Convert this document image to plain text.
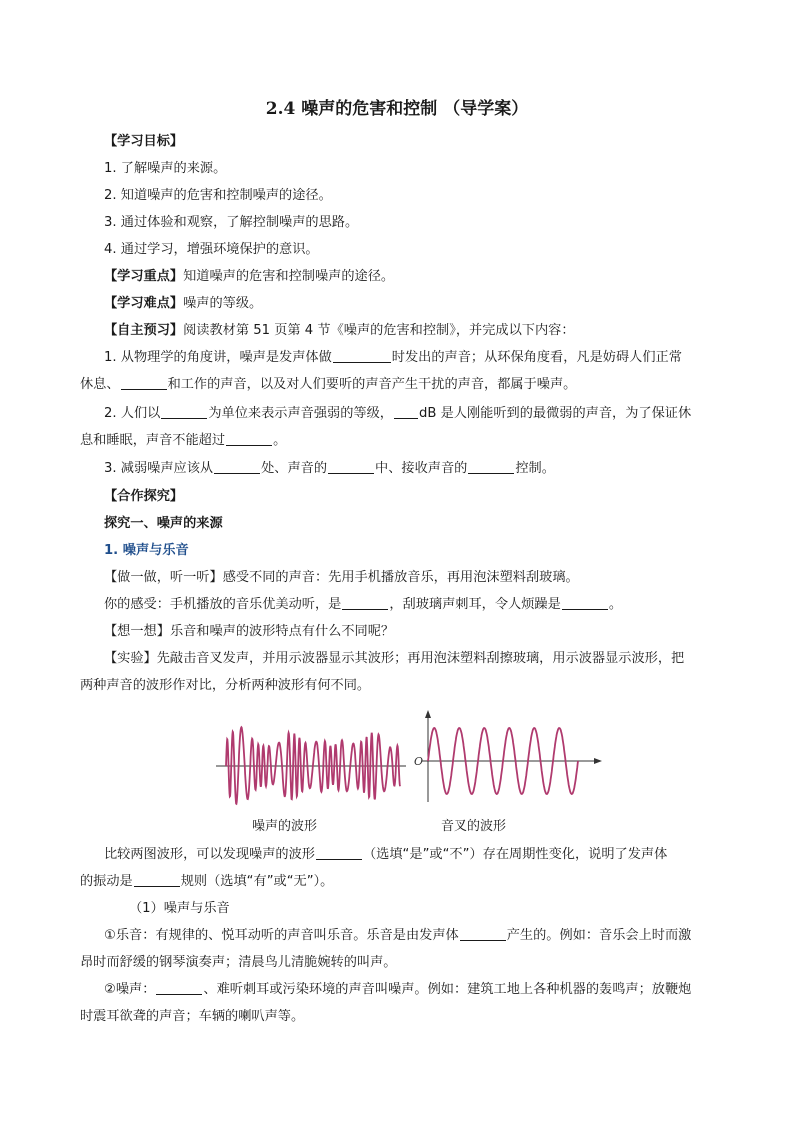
2.4 噪声的危害和控制 （导学案）
【学习目标】
1. 了解噪声的来源。
2. 知道噪声的危害和控制噪声的途径。
3. 通过体验和观察，了解控制噪声的思路。
4. 通过学习，增强环境保护的意识。
【学习重点】知道噪声的危害和控制噪声的途径。
【学习难点】噪声的等级。
【自主预习】阅读教材第 51 页第 4 节《噪声的危害和控制》，并完成以下内容：
1. 从物理学的角度讲，噪声是发声体做	时发出的声音；从环保角度看，凡是妨碍人们正常
休息、	和工作的声音，以及对人们要听的声音产生干扰的声音，都属于噪声。
2. 人们以	为单位来表示声音强弱的等级， dB 是人刚能听到的最微弱的声音，为了保证休
息和睡眠，声音不能超过	。
3. 减弱噪声应该从	处、声音的	中、接收声音的	控制。
【合作探究】
探究一、噪声的来源
1. 噪声与乐音
【做一做，听一听】感受不同的声音：先用手机播放音乐，再用泡沫塑料刮玻璃。
你的感受：手机播放的音乐优美动听，是	，刮玻璃声刺耳，令人烦躁是	。
【想一想】乐音和噪声的波形特点有什么不同呢？
【实验】先敲击音叉发声，并用示波器显示其波形；再用泡沫塑料刮擦玻璃，用示波器显示波形，把
两种声音的波形作对比，分析两种波形有何不同。
O
噪声的波形	音叉的波形
比较两图波形，可以发现噪声的波形	（选填“是”或“不”）存在周期性变化，说明了发声体
的振动是	规则（选填“有”或“无”）。
（1）噪声与乐音
①乐音：有规律的、悦耳动听的声音叫乐音。乐音是由发声体	产生的。例如：音乐会上时而激
昂时而舒缓的钢琴演奏声；清晨鸟儿清脆婉转的叫声。
②噪声：	、难听刺耳或污染环境的声音叫噪声。例如：建筑工地上各种机器的轰鸣声；放鞭炮
时震耳欲聋的声音；车辆的喇叭声等。
